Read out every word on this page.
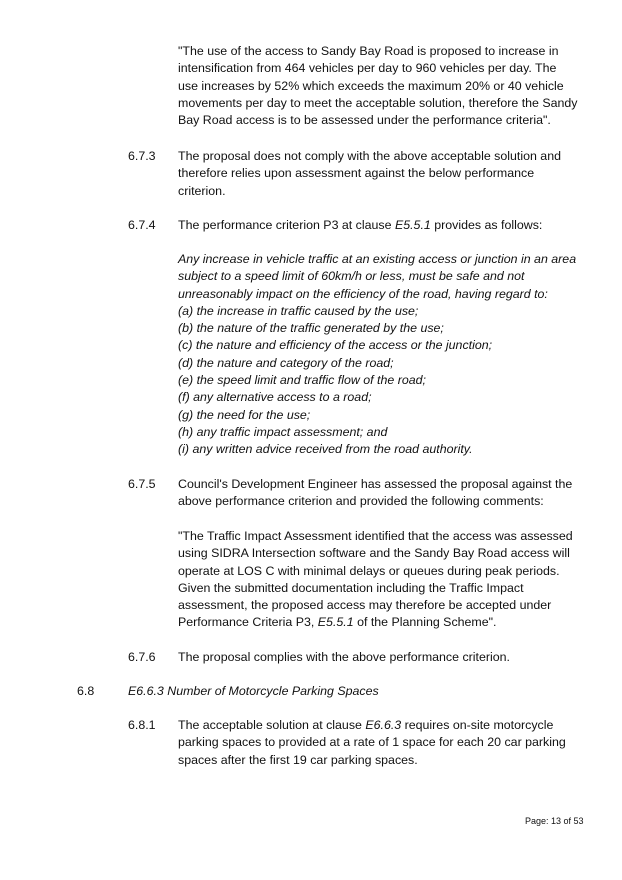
"The use of the access to Sandy Bay Road is proposed to increase in intensification from 464 vehicles per day to 960 vehicles per day. The use increases by 52% which exceeds the maximum 20% or 40 vehicle movements per day to meet the acceptable solution, therefore the Sandy Bay Road access is to be assessed under the performance criteria".

6.7.3 The proposal does not comply with the above acceptable solution and therefore relies upon assessment against the below performance criterion.

6.7.4 The performance criterion P3 at clause E5.5.1 provides as follows:

Any increase in vehicle traffic at an existing access or junction in an area subject to a speed limit of 60km/h or less, must be safe and not unreasonably impact on the efficiency of the road, having regard to:

(a) the increase in traffic caused by the use;

(b) the nature of the traffic generated by the use;

(c) the nature and efficiency of the access or the junction;

(d) the nature and category of the road;

(e) the speed limit and traffic flow of the road;

(f) any alternative access to a road;

(g) the need for the use;

(h) any traffic impact assessment; and

(i) any written advice received from the road authority.

6.7.5 Council's Development Engineer has assessed the proposal against the above performance criterion and provided the following comments:

"The Traffic Impact Assessment identified that the access was assessed using SIDRA Intersection software and the Sandy Bay Road access will operate at LOS C with minimal delays or queues during peak periods. Given the submitted documentation including the Traffic Impact assessment, the proposed access may therefore be accepted under Performance Criteria P3, E5.5.1 of the Planning Scheme".

6.7.6 The proposal complies with the above performance criterion.

6.8	E6.6.3 Number of Motorcycle Parking Spaces

6.8.1 The acceptable solution at clause E6.6.3 requires on-site motorcycle parking spaces to provided at a rate of 1 space for each 20 car parking spaces after the first 19 car parking spaces.

Page: 13 of 53
